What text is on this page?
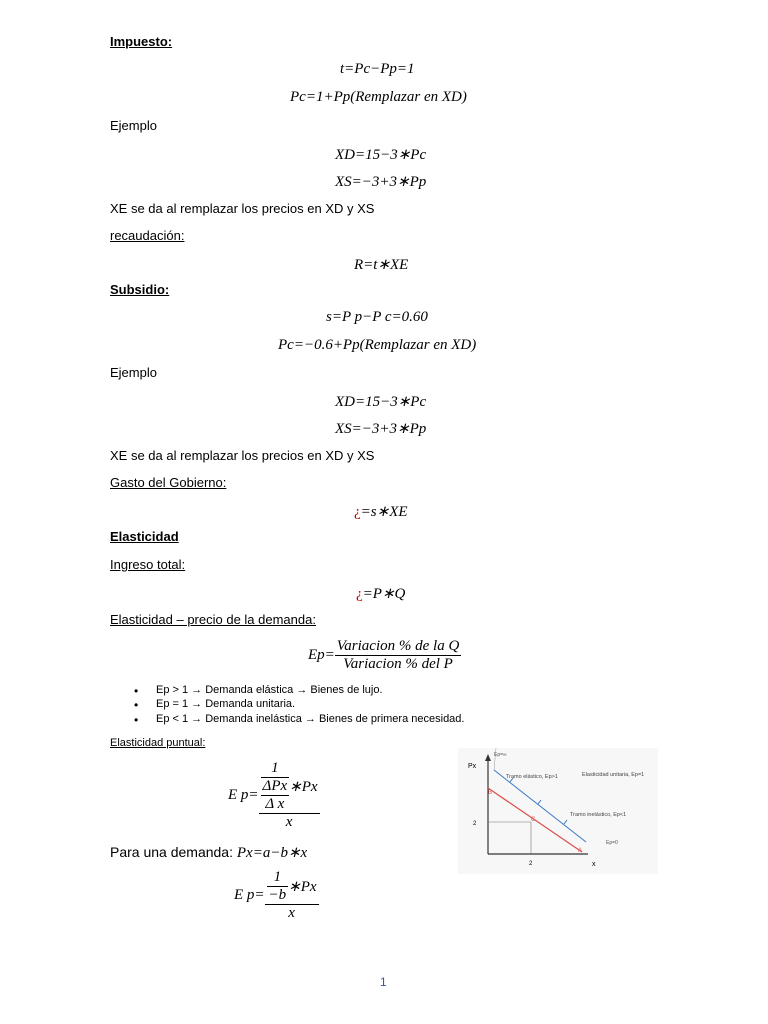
Impuesto:
t=Pc−Pp=1
Pc=1+Pp(Remplazar en XD)
Ejemplo
XD=15−3∗Pc
XS=−3+3∗Pp
XE se da al remplazar los precios en XD y XS
recaudación:
R=t∗XE
Subsidio:
s=P p−P c=0.60
Pc=−0.6+Pp(Remplazar en XD)
Ejemplo
XD=15−3∗Pc
XS=−3+3∗Pp
XE se da al remplazar los precios en XD y XS
Gasto del Gobierno:
¿=s∗XE
Elasticidad
Ingreso total:
¿=P∗Q
Elasticidad – precio de la demanda:
$Ep= \frac{\text{Variacion \% de la Q}}{\text{Variacion \% del P}}$
• Ep > 1 → Demanda elástica → Bienes de lujo.
• Ep = 1 → Demanda unitaria.
• Ep < 1 → Demanda inelástica → Bienes de primera necesidad.
Elasticidad puntual:
E p= 1
ΔPx
Δ x
∗Px
x
Para una demanda: Px=a−b∗x
E $p= \frac{\frac{1}{-b} ∗Px}{x}$
Px
x
Ep=∞
Tramo elástico, Ep>1	Elasticidad unitaria, Ep=1
Tramo inelástico, Ep<1
Ep=0
B
C
A
2
2
1
